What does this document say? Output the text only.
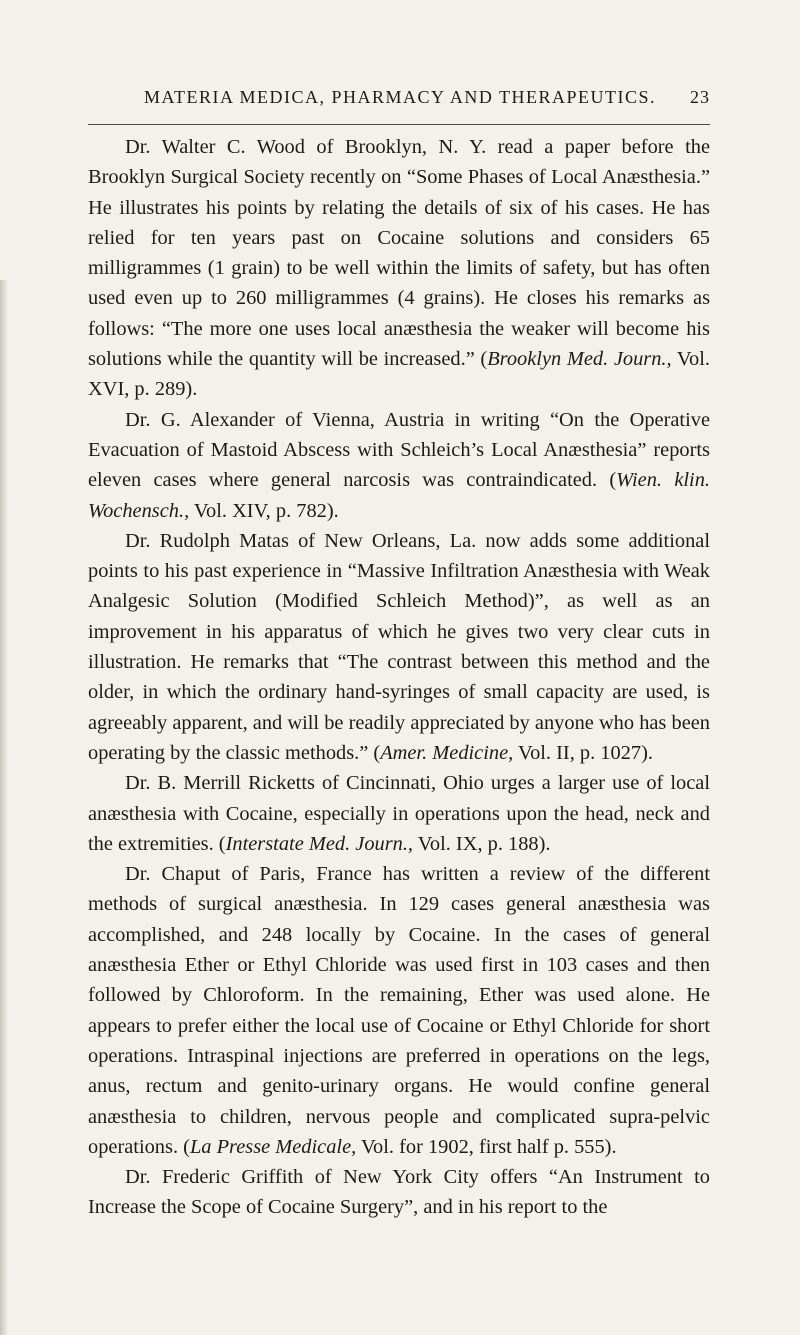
MATERIA MEDICA, PHARMACY AND THERAPEUTICS. 23

Dr. Walter C. Wood of Brooklyn, N. Y. read a paper before the Brooklyn Surgical Society recently on “Some Phases of Local Anæsthesia.” He illustrates his points by relating the details of six of his cases. He has relied for ten years past on Cocaine solutions and considers 65 milligrammes (1 grain) to be well within the limits of safety, but has often used even up to 260 milligrammes (4 grains). He closes his remarks as follows: “The more one uses local anæsthesia the weaker will become his solutions while the quantity will be increased.” (Brooklyn Med. Journ., Vol. XVI, p. 289).

Dr. G. Alexander of Vienna, Austria in writing “On the Operative Evacuation of Mastoid Abscess with Schleich’s Local Anæsthesia” reports eleven cases where general narcosis was contraindicated. (Wien. klin. Wochensch., Vol. XIV, p. 782).

Dr. Rudolph Matas of New Orleans, La. now adds some additional points to his past experience in “Massive Infiltration Anæsthesia with Weak Analgesic Solution (Modified Schleich Method)”, as well as an improvement in his apparatus of which he gives two very clear cuts in illustration. He remarks that “The contrast between this method and the older, in which the ordinary hand-syringes of small capacity are used, is agreeably apparent, and will be readily appreciated by anyone who has been operating by the classic methods.” (Amer. Medicine, Vol. II, p. 1027).

Dr. B. Merrill Ricketts of Cincinnati, Ohio urges a larger use of local anæsthesia with Cocaine, especially in operations upon the head, neck and the extremities. (Interstate Med. Journ., Vol. IX, p. 188).

Dr. Chaput of Paris, France has written a review of the different methods of surgical anæsthesia. In 129 cases general anæsthesia was accomplished, and 248 locally by Cocaine. In the cases of general anæsthesia Ether or Ethyl Chloride was used first in 103 cases and then followed by Chloroform. In the remaining, Ether was used alone. He appears to prefer either the local use of Cocaine or Ethyl Chloride for short operations. Intraspinal injections are preferred in operations on the legs, anus, rectum and genito-urinary organs. He would confine general anæsthesia to children, nervous people and complicated supra-pelvic operations. (La Presse Medicale, Vol. for 1902, first half p. 555).

Dr. Frederic Griffith of New York City offers “An Instrument to Increase the Scope of Cocaine Surgery”, and in his report to the
